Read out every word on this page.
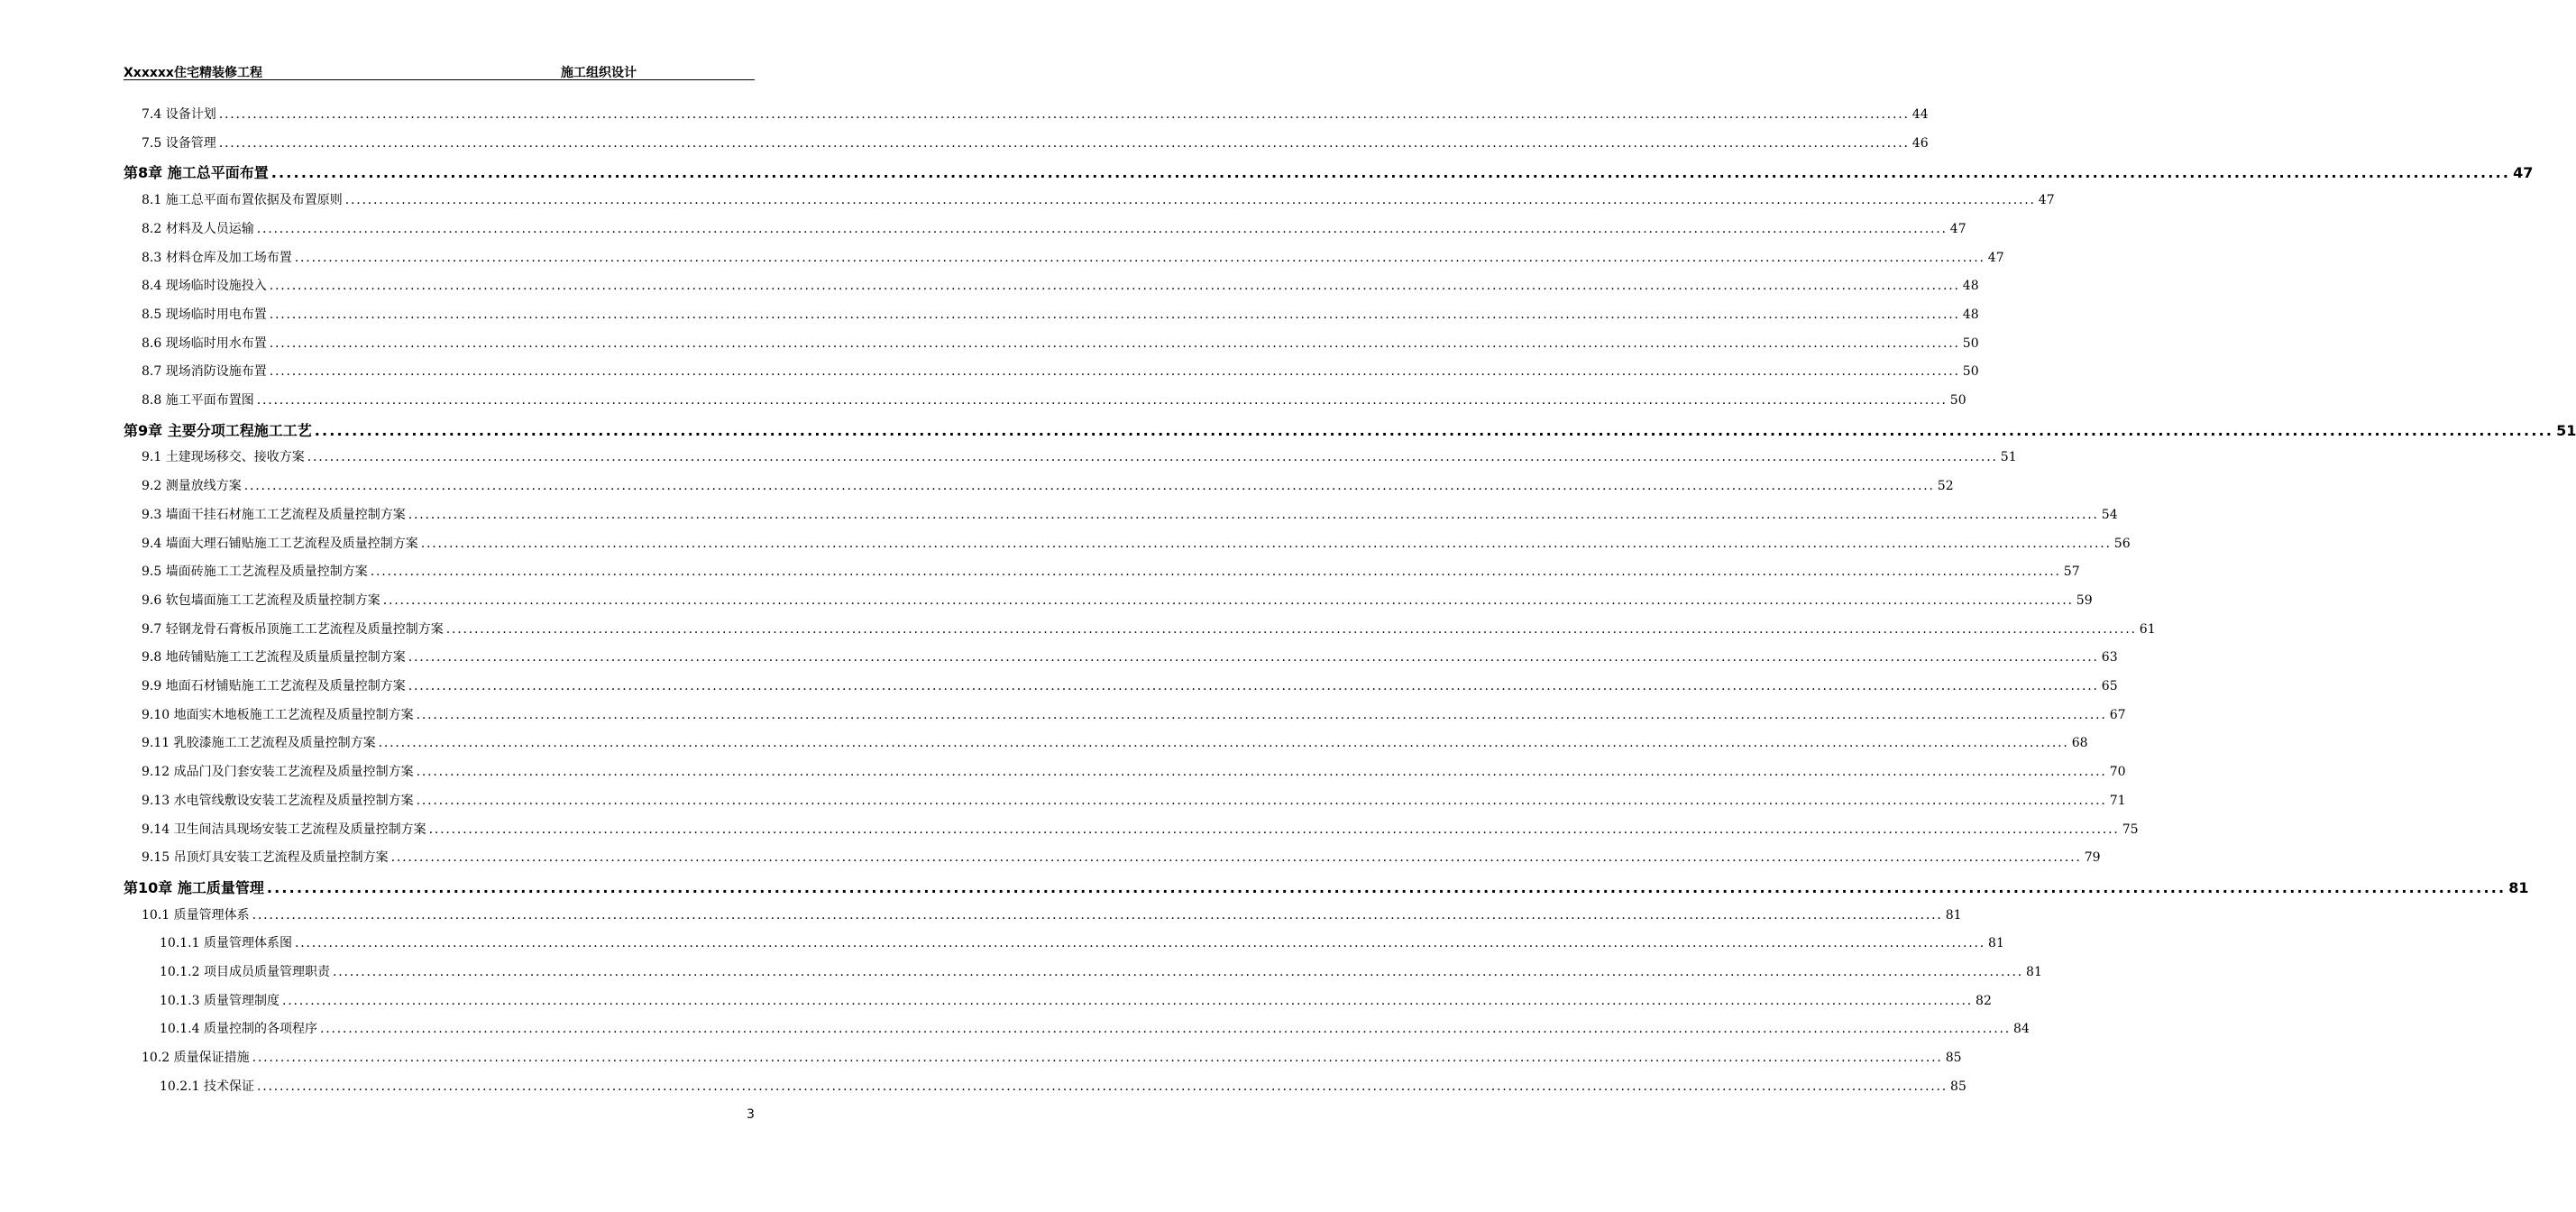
Xxxxxx住宅精装修工程	施工组织设计
7.4 设备计划 ............................................................................................................................................................................................................................................................................................................ 44
7.5 设备管理 ............................................................................................................................................................................................................................................................................................................ 46
第8章 施工总平面布置 ............................................................................................................................................................................................................................................................................................................ 47
8.1 施工总平面布置依据及布置原则 ............................................................................................................................................................................................................................................................................................................ 47
8.2 材料及人员运输 ............................................................................................................................................................................................................................................................................................................ 47
8.3 材料仓库及加工场布置 ............................................................................................................................................................................................................................................................................................................ 47
8.4 现场临时设施投入 ............................................................................................................................................................................................................................................................................................................ 48
8.5 现场临时用电布置 ............................................................................................................................................................................................................................................................................................................ 48
8.6 现场临时用水布置 ............................................................................................................................................................................................................................................................................................................ 50
8.7 现场消防设施布置 ............................................................................................................................................................................................................................................................................................................ 50
8.8 施工平面布置图 ............................................................................................................................................................................................................................................................................................................ 50
第9章 主要分项工程施工工艺 ............................................................................................................................................................................................................................................................................................................ 51
9.1 土建现场移交、接收方案 ............................................................................................................................................................................................................................................................................................................ 51
9.2 测量放线方案 ............................................................................................................................................................................................................................................................................................................ 52
9.3 墙面干挂石材施工工艺流程及质量控制方案 ............................................................................................................................................................................................................................................................................................................ 54
9.4 墙面大理石铺贴施工工艺流程及质量控制方案 ............................................................................................................................................................................................................................................................................................................ 56
9.5 墙面砖施工工艺流程及质量控制方案 ............................................................................................................................................................................................................................................................................................................ 57
9.6 软包墙面施工工艺流程及质量控制方案 ............................................................................................................................................................................................................................................................................................................ 59
9.7 轻钢龙骨石膏板吊顶施工工艺流程及质量控制方案 ............................................................................................................................................................................................................................................................................................................ 61
9.8 地砖铺贴施工工艺流程及质量质量控制方案 ............................................................................................................................................................................................................................................................................................................ 63
9.9 地面石材铺贴施工工艺流程及质量控制方案 ............................................................................................................................................................................................................................................................................................................ 65
9.10 地面实木地板施工工艺流程及质量控制方案 ............................................................................................................................................................................................................................................................................................................ 67
9.11 乳胶漆施工工艺流程及质量控制方案 ............................................................................................................................................................................................................................................................................................................ 68
9.12 成品门及门套安装工艺流程及质量控制方案 ............................................................................................................................................................................................................................................................................................................ 70
9.13 水电管线敷设安装工艺流程及质量控制方案 ............................................................................................................................................................................................................................................................................................................ 71
9.14 卫生间洁具现场安装工艺流程及质量控制方案 ............................................................................................................................................................................................................................................................................................................ 75
9.15 吊顶灯具安装工艺流程及质量控制方案 ............................................................................................................................................................................................................................................................................................................ 79
第10章 施工质量管理 ............................................................................................................................................................................................................................................................................................................ 81
10.1 质量管理体系 ............................................................................................................................................................................................................................................................................................................ 81
10.1.1 质量管理体系图 ............................................................................................................................................................................................................................................................................................................ 81
10.1.2 项目成员质量管理职责 ............................................................................................................................................................................................................................................................................................................ 81
10.1.3 质量管理制度 ............................................................................................................................................................................................................................................................................................................ 82
10.1.4 质量控制的各项程序 ............................................................................................................................................................................................................................................................................................................ 84
10.2 质量保证措施 ............................................................................................................................................................................................................................................................................................................ 85
10.2.1 技术保证 ............................................................................................................................................................................................................................................................................................................ 85
3
